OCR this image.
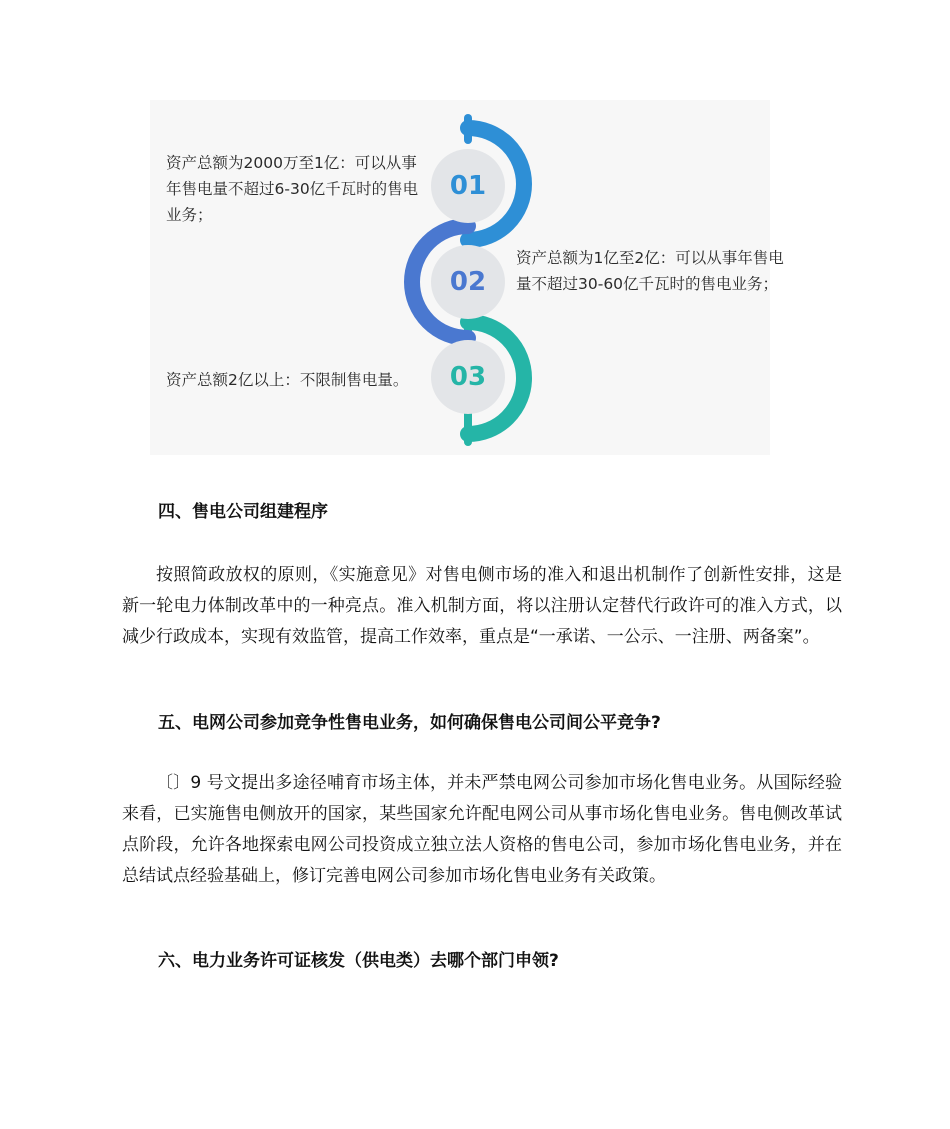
01
02
03

资产总额为2000万至1亿：可以从事年售电量不超过6-30亿千瓦时的售电业务；

资产总额为1亿至2亿：可以从事年售电量不超过30-60亿千瓦时的售电业务；

资产总额2亿以上：不限制售电量。

四、售电公司组建程序

按照简政放权的原则，《实施意见》对售电侧市场的准入和退出机制作了创新性安排，这是新一轮电力体制改革中的一种亮点。准入机制方面，将以注册认定替代行政许可的准入方式，以减少行政成本，实现有效监管，提高工作效率，重点是“一承诺、一公示、一注册、两备案”。

五、电网公司参加竞争性售电业务，如何确保售电公司间公平竞争?

〔〕9 号文提出多途径哺育市场主体，并未严禁电网公司参加市场化售电业务。从国际经验来看，已实施售电侧放开的国家，某些国家允许配电网公司从事市场化售电业务。售电侧改革试点阶段，允许各地探索电网公司投资成立独立法人资格的售电公司，参加市场化售电业务，并在总结试点经验基础上，修订完善电网公司参加市场化售电业务有关政策。

六、电力业务许可证核发（供电类）去哪个部门申领?
